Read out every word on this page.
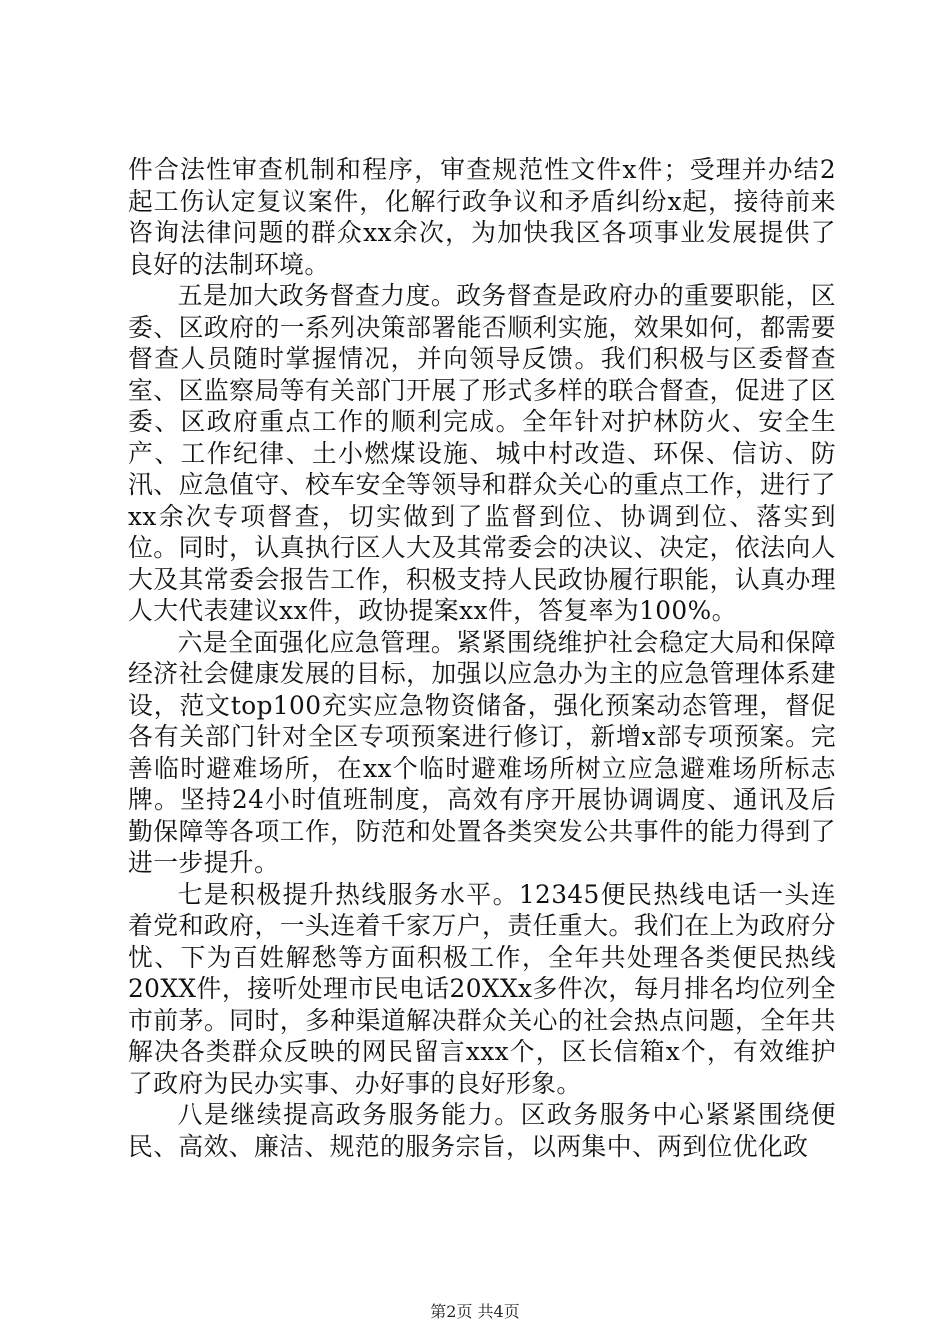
件合法性审查机制和程序，审查规范性文件x件；受理并办结2起工伤认定复议案件，化解行政争议和矛盾纠纷x起，接待前来咨询法律问题的群众xx余次，为加快我区各项事业发展提供了良好的法制环境。

五是加大政务督查力度。政务督查是政府办的重要职能，区委、区政府的一系列决策部署能否顺利实施，效果如何，都需要督查人员随时掌握情况，并向领导反馈。我们积极与区委督查室、区监察局等有关部门开展了形式多样的联合督查，促进了区委、区政府重点工作的顺利完成。全年针对护林防火、安全生产、工作纪律、土小燃煤设施、城中村改造、环保、信访、防汛、应急值守、校车安全等领导和群众关心的重点工作，进行了xx余次专项督查，切实做到了监督到位、协调到位、落实到位。同时，认真执行区人大及其常委会的决议、决定，依法向人大及其常委会报告工作，积极支持人民政协履行职能，认真办理人大代表建议xx件，政协提案xx件，答复率为100%。

六是全面强化应急管理。紧紧围绕维护社会稳定大局和保障经济社会健康发展的目标，加强以应急办为主的应急管理体系建设，范文top100充实应急物资储备，强化预案动态管理，督促各有关部门针对全区专项预案进行修订，新增x部专项预案。完善临时避难场所，在xx个临时避难场所树立应急避难场所标志牌。坚持24小时值班制度，高效有序开展协调调度、通讯及后勤保障等各项工作，防范和处置各类突发公共事件的能力得到了进一步提升。

七是积极提升热线服务水平。12345便民热线电话一头连着党和政府，一头连着千家万户，责任重大。我们在上为政府分忧、下为百姓解愁等方面积极工作，全年共处理各类便民热线20XX件，接听处理市民电话20XXx多件次，每月排名均位列全市前茅。同时，多种渠道解决群众关心的社会热点问题，全年共解决各类群众反映的网民留言xxx个，区长信箱x个，有效维护了政府为民办实事、办好事的良好形象。

八是继续提高政务服务能力。区政务服务中心紧紧围绕便民、高效、廉洁、规范的服务宗旨，以两集中、两到位优化政

第2页 共4页
